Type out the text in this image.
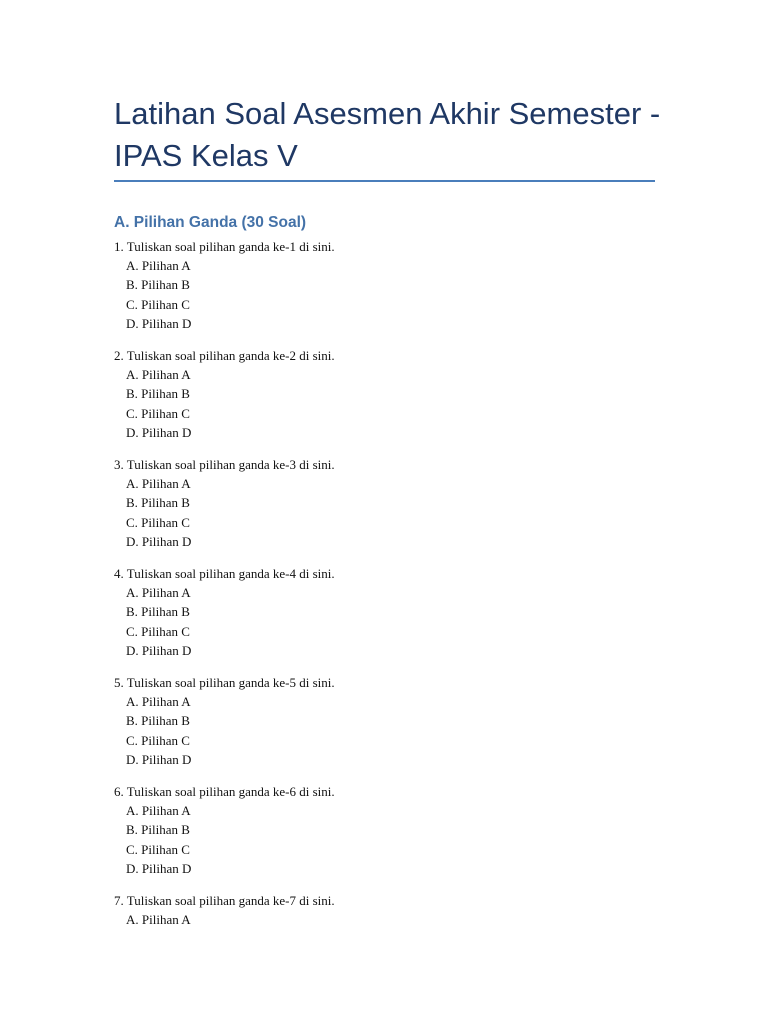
Latihan Soal Asesmen Akhir Semester - IPAS Kelas V
A. Pilihan Ganda (30 Soal)
1. Tuliskan soal pilihan ganda ke-1 di sini.
A. Pilihan A
B. Pilihan B
C. Pilihan C
D. Pilihan D
2. Tuliskan soal pilihan ganda ke-2 di sini.
A. Pilihan A
B. Pilihan B
C. Pilihan C
D. Pilihan D
3. Tuliskan soal pilihan ganda ke-3 di sini.
A. Pilihan A
B. Pilihan B
C. Pilihan C
D. Pilihan D
4. Tuliskan soal pilihan ganda ke-4 di sini.
A. Pilihan A
B. Pilihan B
C. Pilihan C
D. Pilihan D
5. Tuliskan soal pilihan ganda ke-5 di sini.
A. Pilihan A
B. Pilihan B
C. Pilihan C
D. Pilihan D
6. Tuliskan soal pilihan ganda ke-6 di sini.
A. Pilihan A
B. Pilihan B
C. Pilihan C
D. Pilihan D
7. Tuliskan soal pilihan ganda ke-7 di sini.
A. Pilihan A
